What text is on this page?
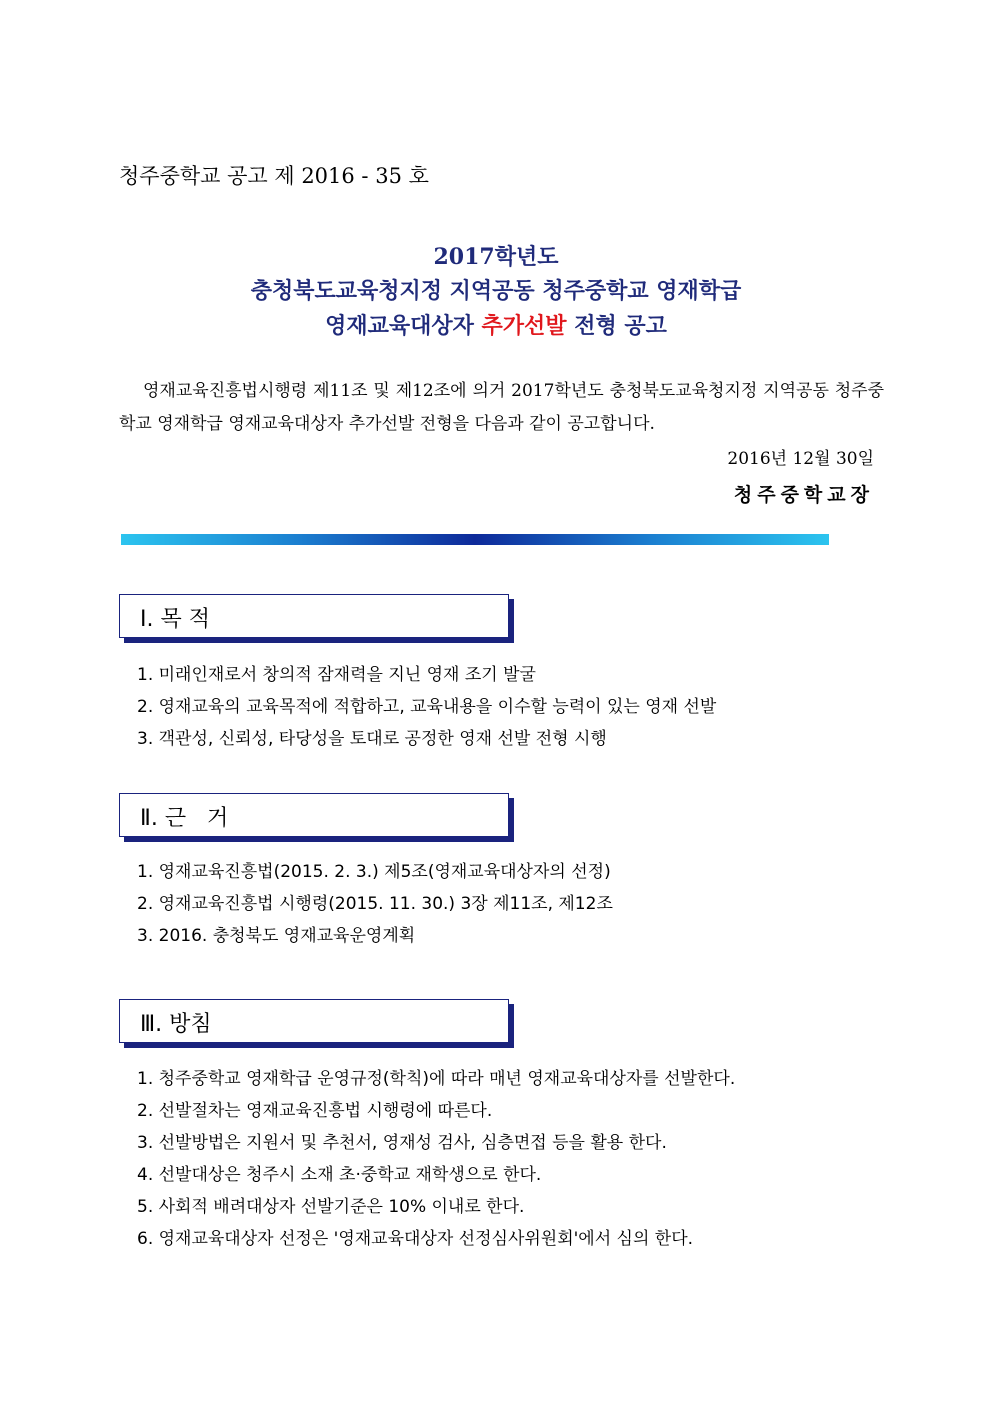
청주중학교 공고 제 2016 - 35 호
2017학년도
충청북도교육청지정 지역공동 청주중학교 영재학급
영재교육대상자 추가선발 전형 공고
영재교육진흥법시행령 제11조 및 제12조에 의거 2017학년도 충청북도교육청지정 지역공동 청주중학교 영재학급 영재교육대상자 추가선발 전형을 다음과 같이 공고합니다.
2016년 12월 30일
청주중학교장
Ⅰ. 목 적
1. 미래인재로서 창의적 잠재력을 지닌 영재 조기 발굴
2. 영재교육의 교육목적에 적합하고, 교육내용을 이수할 능력이 있는 영재 선발
3. 객관성, 신뢰성, 타당성을 토대로 공정한 영재 선발 전형 시행
Ⅱ. 근   거
1. 영재교육진흥법(2015. 2. 3.) 제5조(영재교육대상자의 선정)
2. 영재교육진흥법 시행령(2015. 11. 30.) 3장 제11조, 제12조
3. 2016. 충청북도 영재교육운영계획
Ⅲ. 방침
1. 청주중학교 영재학급 운영규정(학칙)에 따라 매년 영재교육대상자를 선발한다.
2. 선발절차는 영재교육진흥법 시행령에 따른다.
3. 선발방법은 지원서 및 추천서, 영재성 검사, 심층면접 등을 활용 한다.
4. 선발대상은 청주시 소재 초·중학교 재학생으로 한다.
5. 사회적 배려대상자 선발기준은 10% 이내로 한다.
6. 영재교육대상자 선정은 '영재교육대상자 선정심사위원회'에서 심의 한다.
